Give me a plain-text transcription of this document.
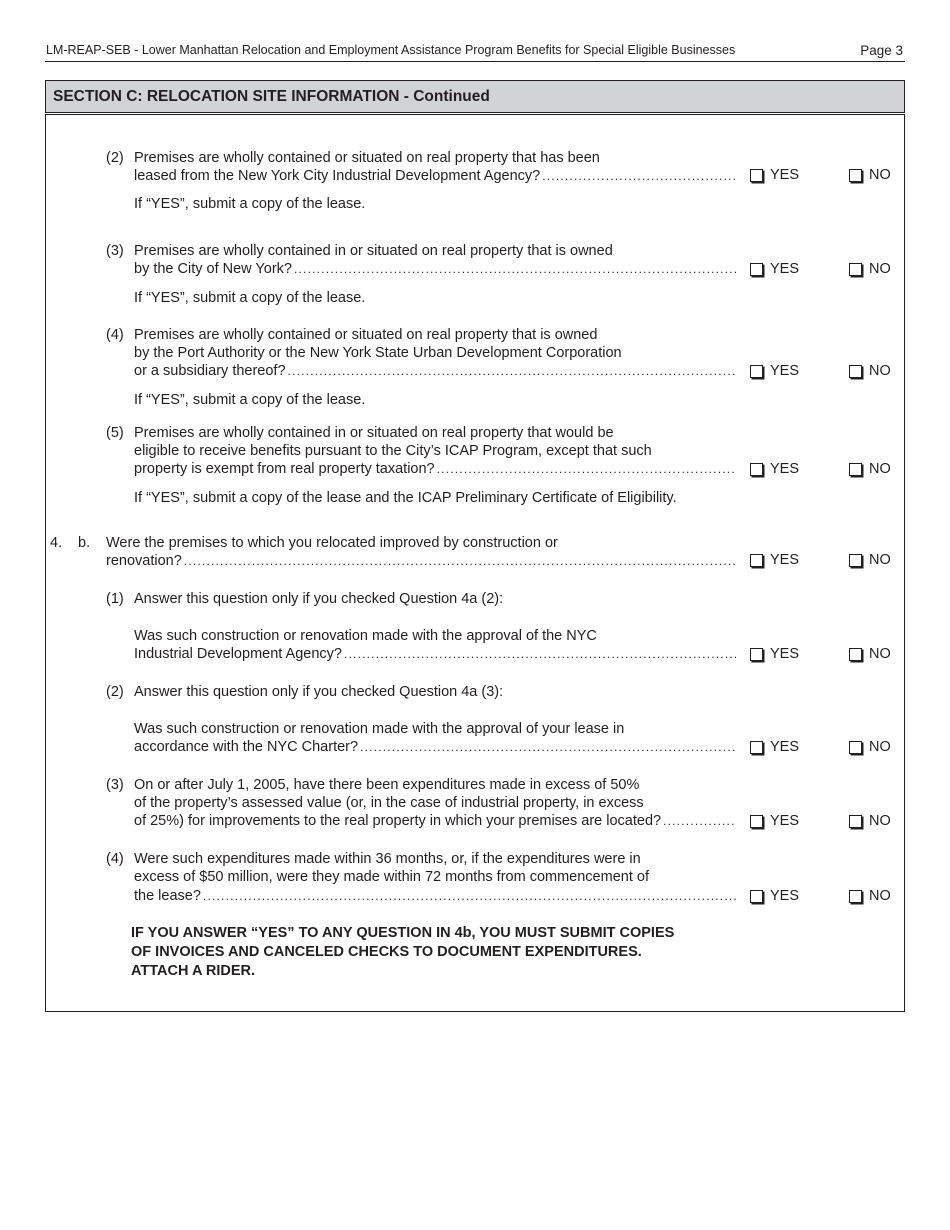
LM-REAP-SEB - Lower Manhattan Relocation and Employment Assistance Program Benefits for Special Eligible Businesses	Page 3
SECTION C: RELOCATION SITE INFORMATION - Continued
(2) Premises are wholly contained or situated on real property that has been
leased from the New York City Industrial Development Agency?
.....
If “YES”, submit a copy of the lease.
YES	NO
(3) Premises are wholly contained in or situated on real property that is owned
by the City of New York?
.....
If “YES”, submit a copy of the lease.
YES	NO
(4) Premises are wholly contained or situated on real property that is owned
by the Port Authority or the New York State Urban Development Corporation
or a subsidiary thereof?
.....
If “YES”, submit a copy of the lease.
YES	NO
(5) Premises are wholly contained in or situated on real property that would be
eligible to receive benefits pursuant to the City’s ICAP Program, except that such
property is exempt from real property taxation?
.....
If “YES”, submit a copy of the lease and the ICAP Preliminary Certificate of Eligibility.
YES	NO
4. b. Were the premises to which you relocated improved by construction or
renovation? .....	YES	NO
(1) Answer this question only if you checked Question 4a (2):
Was such construction or renovation made with the approval of the NYC
Industrial Development Agency? .....	YES	NO
(2) Answer this question only if you checked Question 4a (3):
Was such construction or renovation made with the approval of your lease in
accordance with the NYC Charter? .....	YES	NO
(3) On or after July 1, 2005, have there been expenditures made in excess of 50%
of the property’s assessed value (or, in the case of industrial property, in excess
of 25%) for improvements to the real property in which your premises are located? .....	YES	NO
(4) Were such expenditures made within 36 months, or, if the expenditures were in
excess of $50 million, were they made within 72 months from commencement of
the lease? .....	YES	NO
IF YOU ANSWER “YES” TO ANY QUESTION IN 4b, YOU MUST SUBMIT COPIES
OF INVOICES AND CANCELED CHECKS TO DOCUMENT EXPENDITURES.
ATTACH A RIDER.
